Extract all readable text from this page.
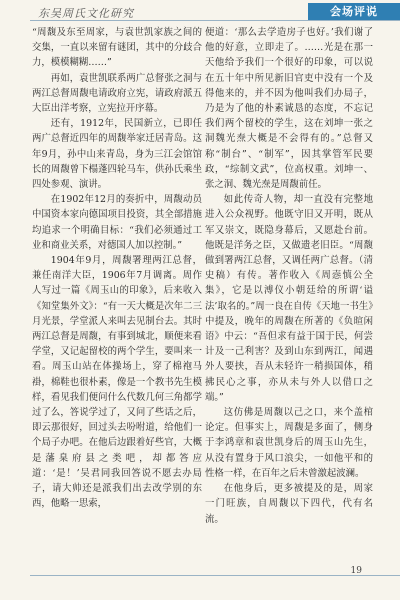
东吴周氏文化研究	会场评说

“周馥及东至周家，与袁世凯家族之间的交集，一直以来留有谜团，其中的分歧合力，模模糊糊……”

再如，袁世凯联系两广总督张之洞与两江总督周馥电请政府立宪，请政府派五大臣出洋考察，立宪拉开序幕。

还有，1912年，民国新立，已即任两广总督近四年的周馥举家迁居青岛。这年9月，孙中山来青岛，身为三江会馆馆长的周馥曾下榻蓬四轮马车，供孙氏乘坐四处参观、演讲。

在1902年12月的奏折中，周馥动员中国资本家向德国项目投资，其全部措施均追求一个明确目标：“我们必须通过工业和商业关系，对德国人加以控制。”

1904年9月，周馥署理两江总督，兼任南洋大臣，1906年7月调离。周作人写过一篇《周玉山的印象》，后来收入《知堂集外文》：“有一天大概是次年二三月光景，学堂派人来叫去见制台去。其时两江总督是周馥，有事到城北，顺便来看学堂，又记起留校的两个学生，要叫来一看。周玉山站在体操场上，穿了棉袍马褂，棉鞋也很朴素，像是一个教书先生模样，看见我们便问什么代数几何三角都学过了么，答说学过了，又问了些话之后，即云那很好，回过头去吩咐道，给他们一个局子办吧。在他后边跟着好些官，大概是藩臬府县之类吧，却都答应道：‘是！’吴君同我回答说不愿去办局子，请大帅还是派我们出去改学别的东西，他略一思索，

便道：‘那么去学造房子也好。’我们谢了他的好意，立即走了。……光是在那一天他给予我们一个很好的印象，可以说在五十年中所见新旧官吏中没有一个及得他来的，并不因为他叫我们办局子，乃是为了他的朴素诚恳的态度，不忘记我们两个留校的学生，这在刘坤一张之洞魏光焘大概是不会得有的。”总督又称“制台”、“制军”，因其掌管军民要政，“综制文武”，位高权重。刘坤一、张之洞、魏光焘是周馥前任。

如此传奇人物，却一直没有完整地进入公众视野。他既守旧又开明，既从军又崇文，既隐身幕后，又愿赴台前。他既是洋务之臣，又做遗老旧臣。“周馥做到署两江总督，又调任两广总督。（清史稿）有传。著作收入《周悫慎公全集》，它是以溥仪小朝廷给的所谓‘谥法’取名的。”周一良在自传《天地一书生》中提及，晚年的周馥在所著的《负暄闲语》中云：“吾但求有益于国于民，何尝计及一己利害？及到山东到两江，闻遇外人要挟，吾从未轻许一稍损国体，稍拂民心之事，亦从未与外人以借口之端。”

这仿佛是周馥以己之口，来个盖棺论定。但事实上，周馥是多面了，侧身于李鸿章和袁世凯身后的周玉山先生，从没有置身于风口浪尖，一如他平和的性格一样，在百年之后未曾激起波澜。

在他身后，更多被提及的是，周家一门旺族，自周馥以下四代，代有名流。

19
